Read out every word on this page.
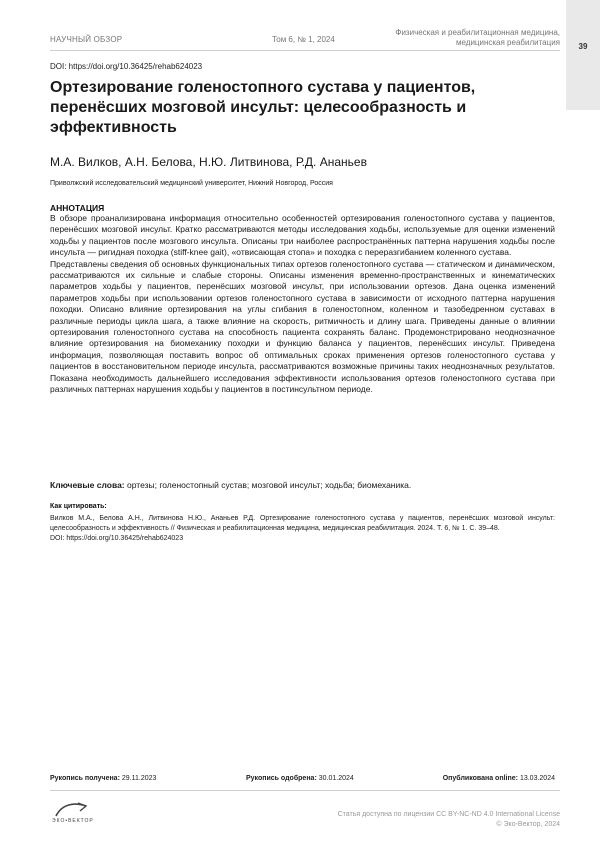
39
НАУЧНЫЙ ОБЗОР	Том 6, № 1, 2024
Физическая и реабилитационная медицина,
медицинская реабилитация
DOI: https://doi.org/10.36425/rehab624023
Ортезирование голеностопного сустава у пациентов, перенёсших мозговой инсульт: целесообразность и эффективность
М.А. Вилков, А.Н. Белова, Н.Ю. Литвинова, Р.Д. Ананьев
Приволжский исследовательский медицинский университет, Нижний Новгород, Россия
АННОТАЦИЯ

В обзоре проанализирована информация относительно особенностей ортезирования голеностопного сустава у пациентов, перенёсших мозговой инсульт. Кратко рассматриваются методы исследования ходьбы, используемые для оценки изменений ходьбы у пациентов после мозгового инсульта. Описаны три наиболее распространённых паттерна нарушения ходьбы после инсульта — ригидная походка (stiff-knee gait), «отвисающая стопа» и походка с переразгибанием коленного сустава.

Представлены сведения об основных функциональных типах ортезов голеностопного сустава — статическом и динамическом, рассматриваются их сильные и слабые стороны. Описаны изменения временно-пространственных и кинематических параметров ходьбы у пациентов, перенёсших мозговой инсульт, при использовании ортезов. Дана оценка изменений параметров ходьбы при использовании ортезов голеностопного сустава в зависимости от исходного паттерна нарушения походки. Описано влияние ортезирования на углы сгибания в голеностопном, коленном и тазобедренном суставах в различные периоды цикла шага, а также влияние на скорость, ритмичность и длину шага. Приведены данные о влиянии ортезирования голеностопного сустава на способность пациента сохранять баланс. Продемонстрировано неоднозначное влияние ортезирования на биомеханику походки и функцию баланса у пациентов, перенёсших инсульт. Приведена информация, позволяющая поставить вопрос об оптимальных сроках применения ортезов голеностопного сустава у пациентов в восстановительном периоде инсульта, рассматриваются возможные причины таких неоднозначных результатов. Показана необходимость дальнейшего исследования эффективности использования ортезов голеностопного сустава при различных паттернах нарушения ходьбы у пациентов в постинсультном периоде.

Ключевые слова: ортезы; голеностопный сустав; мозговой инсульт; ходьба; биомеханика.
Как цитировать:
Вилков М.А., Белова А.Н., Литвинова Н.Ю., Ананьев Р.Д. Ортезирование голеностопного сустава у пациентов, перенёсших мозговой инсульт: целесообразность и эффективность // Физическая и реабилитационная медицина, медицинская реабилитация. 2024. Т. 6, № 1. С. 39–48.
DOI: https://doi.org/10.36425/rehab624023
Рукопись получена: 29.11.2023	Рукопись одобрена: 30.01.2024	Опубликована online: 13.03.2024
ЭКО•ВЕКТОР
Статья доступна по лицензии CC BY-NC-ND 4.0 International License
© Эко-Вектор, 2024
